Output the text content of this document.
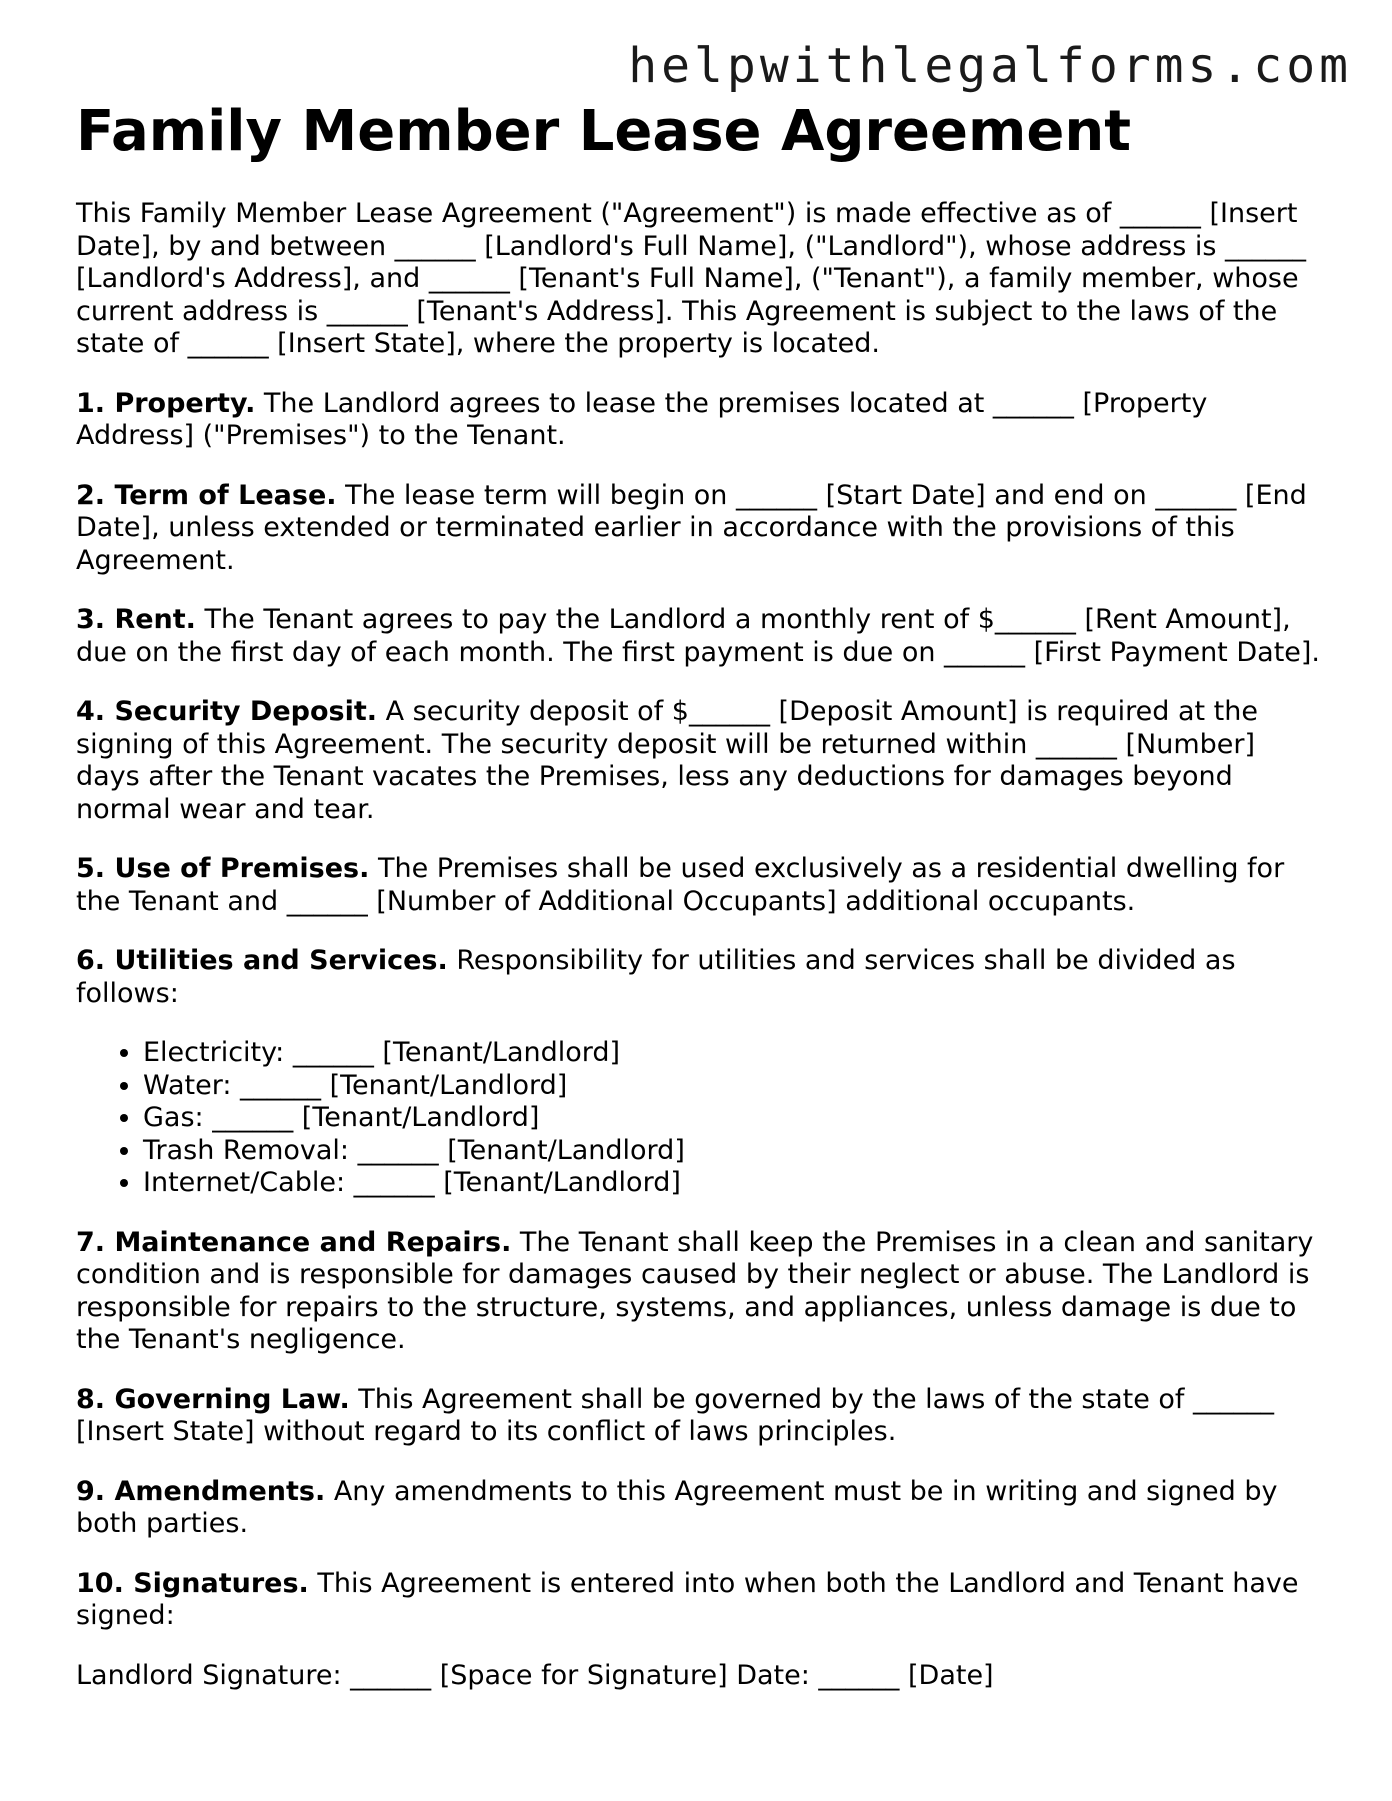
helpwithlegalforms.com
Family Member Lease Agreement

This Family Member Lease Agreement ("Agreement") is made effective as of ______ [Insert Date], by and between ______ [Landlord's Full Name], ("Landlord"), whose address is ______ [Landlord's Address], and ______ [Tenant's Full Name], ("Tenant"), a family member, whose current address is ______ [Tenant's Address]. This Agreement is subject to the laws of the state of ______ [Insert State], where the property is located.

1. Property. The Landlord agrees to lease the premises located at ______ [Property Address] ("Premises") to the Tenant.

2. Term of Lease. The lease term will begin on ______ [Start Date] and end on ______ [End Date], unless extended or terminated earlier in accordance with the provisions of this Agreement.

3. Rent. The Tenant agrees to pay the Landlord a monthly rent of $______ [Rent Amount], due on the first day of each month. The first payment is due on ______ [First Payment Date].

4. Security Deposit. A security deposit of $______ [Deposit Amount] is required at the signing of this Agreement. The security deposit will be returned within ______ [Number] days after the Tenant vacates the Premises, less any deductions for damages beyond normal wear and tear.

5. Use of Premises. The Premises shall be used exclusively as a residential dwelling for the Tenant and ______ [Number of Additional Occupants] additional occupants.

6. Utilities and Services. Responsibility for utilities and services shall be divided as follows:

• Electricity: ______ [Tenant/Landlord]
• Water: ______ [Tenant/Landlord]
• Gas: ______ [Tenant/Landlord]
• Trash Removal: ______ [Tenant/Landlord]
• Internet/Cable: ______ [Tenant/Landlord]

7. Maintenance and Repairs. The Tenant shall keep the Premises in a clean and sanitary condition and is responsible for damages caused by their neglect or abuse. The Landlord is responsible for repairs to the structure, systems, and appliances, unless damage is due to the Tenant's negligence.

8. Governing Law. This Agreement shall be governed by the laws of the state of ______ [Insert State] without regard to its conflict of laws principles.

9. Amendments. Any amendments to this Agreement must be in writing and signed by both parties.

10. Signatures. This Agreement is entered into when both the Landlord and Tenant have signed:

Landlord Signature: ______ [Space for Signature] Date: ______ [Date]
